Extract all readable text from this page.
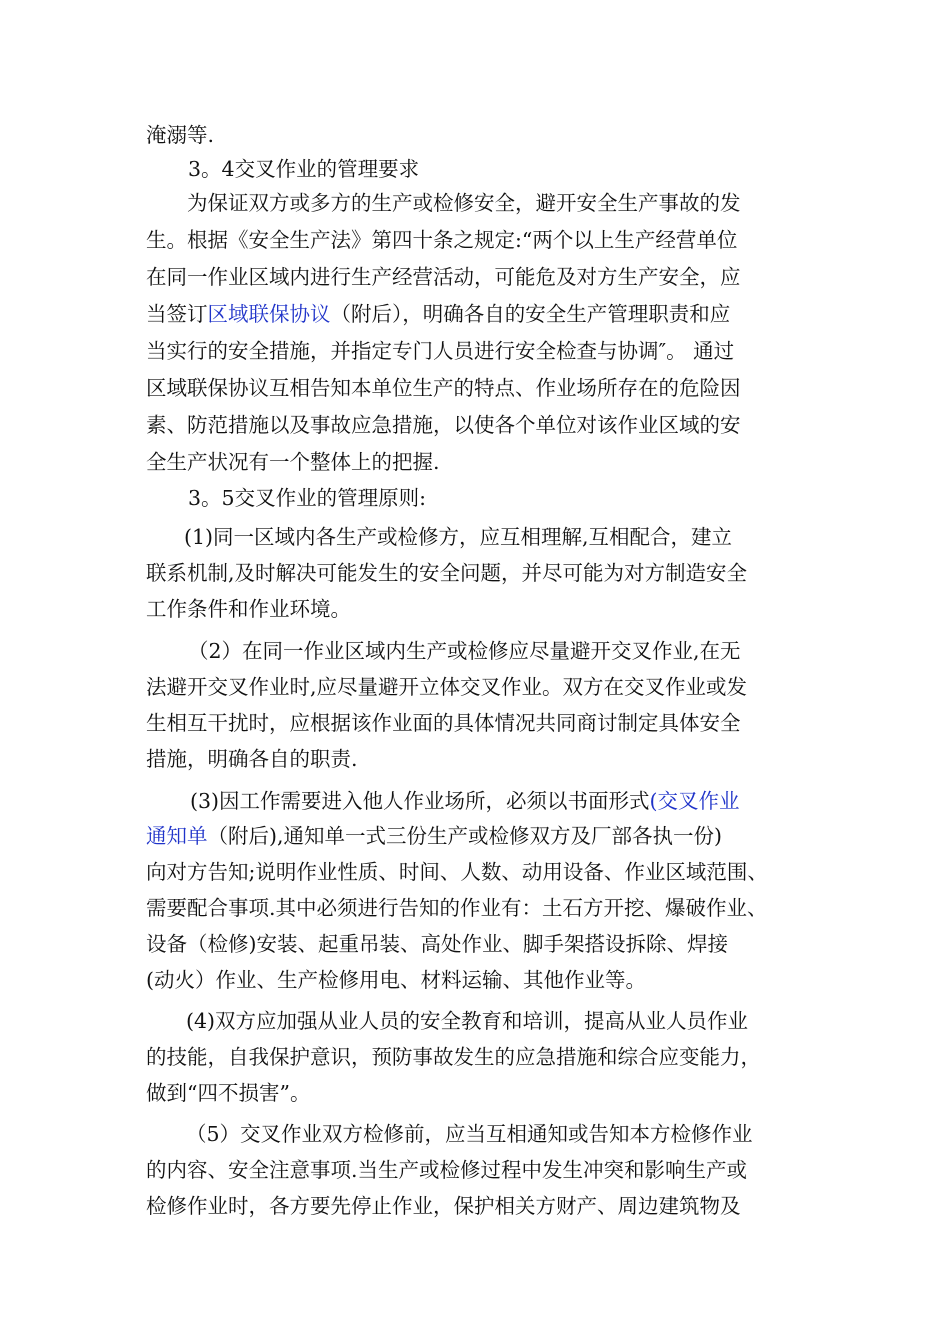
淹溺等.
3。4交叉作业的管理要求
为保证双方或多方的生产或检修安全，避开安全生产事故的发
生。根据《安全生产法》第四十条之规定:“两个以上生产经营单位
在同一作业区域内进行生产经营活动，可能危及对方生产安全，应
当签订区域联保协议（附后），明确各自的安全生产管理职责和应
当实行的安全措施，并指定专门人员进行安全检查与协调″。 通过
区域联保协议互相告知本单位生产的特点、作业场所存在的危险因
素、防范措施以及事故应急措施，以使各个单位对该作业区域的安
全生产状况有一个整体上的把握.
3。5交叉作业的管理原则:
(1)同一区域内各生产或检修方，应互相理解,互相配合，建立
联系机制,及时解决可能发生的安全问题，并尽可能为对方制造安全
工作条件和作业环境。
（2）在同一作业区域内生产或检修应尽量避开交叉作业,在无
法避开交叉作业时,应尽量避开立体交叉作业。双方在交叉作业或发
生相互干扰时，应根据该作业面的具体情况共同商讨制定具体安全
措施，明确各自的职责.
(3)因工作需要进入他人作业场所，必须以书面形式(交叉作业
通知单（附后),通知单一式三份生产或检修双方及厂部各执一份)
向对方告知;说明作业性质、时间、人数、动用设备、作业区域范围、
需要配合事项.其中必须进行告知的作业有：土石方开挖、爆破作业、
设备（检修)安装、起重吊装、高处作业、脚手架搭设拆除、焊接
(动火）作业、生产检修用电、材料运输、其他作业等。
(4)双方应加强从业人员的安全教育和培训，提高从业人员作业
的技能，自我保护意识，预防事故发生的应急措施和综合应变能力，
做到“四不损害”。
（5）交叉作业双方检修前，应当互相通知或告知本方检修作业
的内容、安全注意事项.当生产或检修过程中发生冲突和影响生产或
检修作业时，各方要先停止作业，保护相关方财产、周边建筑物及
